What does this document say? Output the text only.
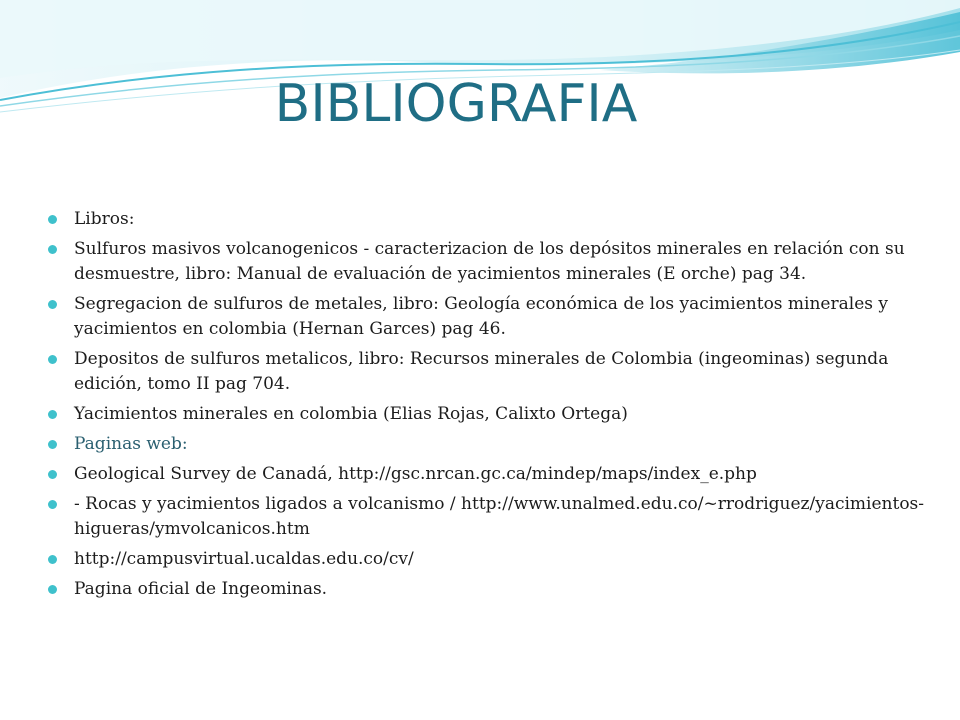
BIBLIOGRAFIA
Libros:
Sulfuros masivos volcanogenicos - caracterizacion de los depósitos minerales en relación con su desmuestre, libro: Manual de evaluación de yacimientos minerales (E orche) pag 34.
Segregacion de sulfuros de metales, libro: Geología económica de los yacimientos minerales y yacimientos en colombia (Hernan Garces) pag 46.
Depositos de sulfuros metalicos, libro: Recursos minerales de Colombia (ingeominas) segunda edición, tomo II pag 704.
Yacimientos minerales en colombia (Elias Rojas, Calixto Ortega)
Paginas web:
Geological Survey de Canadá, http://gsc.nrcan.gc.ca/mindep/maps/index_e.php
- Rocas y yacimientos ligados a volcanismo / http://www.unalmed.edu.co/~rrodriguez/yacimientos-higueras/ymvolcanicos.htm
http://campusvirtual.ucaldas.edu.co/cv/
Pagina oficial de Ingeominas.
